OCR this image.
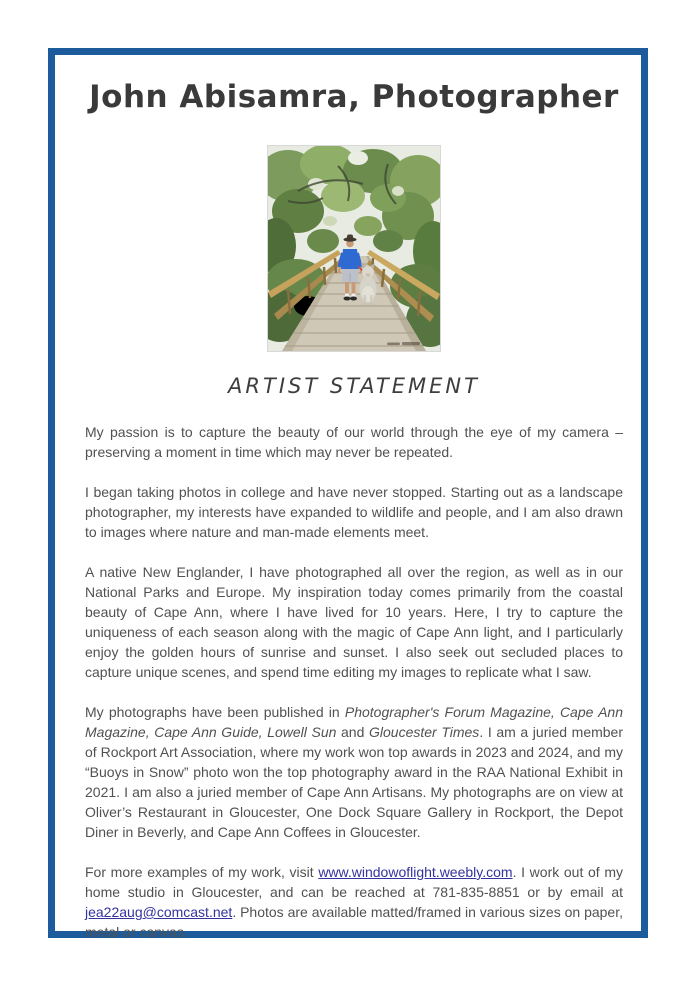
John Abisamra, Photographer
ARTIST STATEMENT

My passion is to capture the beauty of our world through the eye of my camera – preserving a moment in time which may never be repeated.

I began taking photos in college and have never stopped. Starting out as a landscape photographer, my interests have expanded to wildlife and people, and I am also drawn to images where nature and man-made elements meet.

A native New Englander, I have photographed all over the region, as well as in our National Parks and Europe. My inspiration today comes primarily from the coastal beauty of Cape Ann, where I have lived for 10 years. Here, I try to capture the uniqueness of each season along with the magic of Cape Ann light, and I particularly enjoy the golden hours of sunrise and sunset. I also seek out secluded places to capture unique scenes, and spend time editing my images to replicate what I saw.

My photographs have been published in Photographer's Forum Magazine, Cape Ann Magazine, Cape Ann Guide, Lowell Sun and Gloucester Times. I am a juried member of Rockport Art Association, where my work won top awards in 2023 and 2024, and my “Buoys in Snow” photo won the top photography award in the RAA National Exhibit in 2021. I am also a juried member of Cape Ann Artisans. My photographs are on view at Oliver’s Restaurant in Gloucester, One Dock Square Gallery in Rockport, the Depot Diner in Beverly, and Cape Ann Coffees in Gloucester.

For more examples of my work, visit www.windowoflight.weebly.com. I work out of my home studio in Gloucester, and can be reached at 781-835-8851 or by email at jea22aug@comcast.net. Photos are available matted/framed in various sizes on paper, metal or canvas.
